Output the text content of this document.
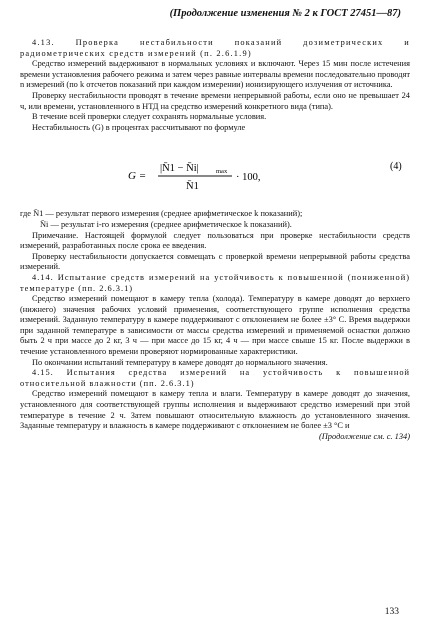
(Продолжение изменения № 2 к ГОСТ 27451—87)

4.13. Проверка нестабильности показаний дозиметрических и радиометрических средств измерений (п. 2.6.1.9)

Средство измерений выдерживают в нормальных условиях и включают. Через 15 мин после истечения времени установления рабочего режима и затем через равные интервалы времени последовательно проводят n измерений (по k отсчетов показаний при каждом измерении) ионизирующего излучения от источника.

Проверку нестабильности проводят в течение времени непрерывной работы, если оно не превышает 24 ч, или времени, установленного в НТД на средство измерений конкретного вида (типа).

В течение всей проверки следует сохранять нормальные условия.

Нестабильность (G) в процентах рассчитывают по формуле

G =
|N̄1 − N̄i|	max
N̄1
· 100,
(4)

где N̄1 — результат первого измерения (среднее арифметическое k показаний);

N̄i — результат i-го измерения (среднее арифметическое k показаний).

Примечание. Настоящей формулой следует пользоваться при проверке нестабильности средств измерений, разработанных после срока ее введения.

Проверку нестабильности допускается совмещать с проверкой времени непрерывной работы средства измерений.

4.14. Испытание средств измерений на устойчивость к повышенной (пониженной) температуре (пп. 2.6.3.1)

Средство измерений помещают в камеру тепла (холода). Температуру в камере доводят до верхнего (нижнего) значения рабочих условий применения, соответствующего группе исполнения средства измерений. Заданную температуру в камере поддерживают с отклонением не более ±3° С. Время выдержки при заданной температуре в зависимости от массы средства измерений и применяемой оснастки должно быть 2 ч при массе до 2 кг, 3 ч — при массе до 15 кг, 4 ч — при массе свыше 15 кг. После выдержки в течение установленного времени проверяют нормированные характеристики.

По окончании испытаний температуру в камере доводят до нормального значения.

4.15. Испытания средства измерений на устойчивость к повышенной относительной влажности (пп. 2.6.3.1)

Средство измерений помещают в камеру тепла и влаги. Температуру в камере доводят до значения, установленного для соответствующей группы исполнения и выдерживают средство измерений при этой температуре в течение 2 ч. Затем повышают относительную влажность до установленного значения. Заданные температуру и влажность в камере поддерживают с отклонением не более ±3 °С и

(Продолжение см. с. 134)

133
